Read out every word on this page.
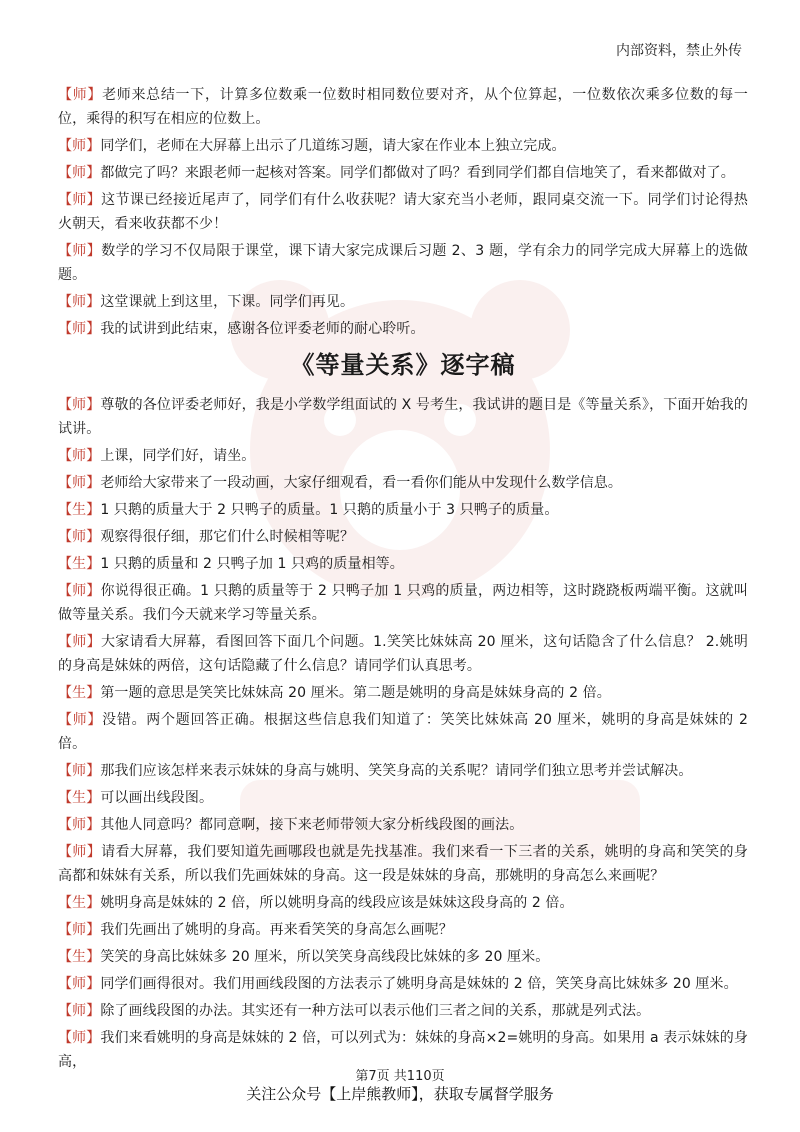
内部资料，禁止外传

【师】老师来总结一下，计算多位数乘一位数时相同数位要对齐，从个位算起，一位数依次乘多位数的每一位，乘得的积写在相应的位数上。

【师】同学们，老师在大屏幕上出示了几道练习题，请大家在作业本上独立完成。

【师】都做完了吗？来跟老师一起核对答案。同学们都做对了吗？看到同学们都自信地笑了，看来都做对了。

【师】这节课已经接近尾声了，同学们有什么收获呢？请大家充当小老师，跟同桌交流一下。同学们讨论得热火朝天，看来收获都不少！

【师】数学的学习不仅局限于课堂，课下请大家完成课后习题 2、3 题，学有余力的同学完成大屏幕上的选做题。

【师】这堂课就上到这里，下课。同学们再见。

【师】我的试讲到此结束，感谢各位评委老师的耐心聆听。

《等量关系》逐字稿

【师】尊敬的各位评委老师好，我是小学数学组面试的 X 号考生，我试讲的题目是《等量关系》，下面开始我的试讲。

【师】上课，同学们好，请坐。

【师】老师给大家带来了一段动画，大家仔细观看，看一看你们能从中发现什么数学信息。

【生】1 只鹅的质量大于 2 只鸭子的质量。1 只鹅的质量小于 3 只鸭子的质量。

【师】观察得很仔细，那它们什么时候相等呢？

【生】1 只鹅的质量和 2 只鸭子加 1 只鸡的质量相等。

【师】你说得很正确。1 只鹅的质量等于 2 只鸭子加 1 只鸡的质量，两边相等，这时跷跷板两端平衡。这就叫做等量关系。我们今天就来学习等量关系。

【师】大家请看大屏幕，看图回答下面几个问题。1.笑笑比妹妹高 20 厘米，这句话隐含了什么信息？ 2.姚明的身高是妹妹的两倍，这句话隐藏了什么信息？请同学们认真思考。

【生】第一题的意思是笑笑比妹妹高 20 厘米。第二题是姚明的身高是妹妹身高的 2 倍。

【师】没错。两个题回答正确。根据这些信息我们知道了：笑笑比妹妹高 20 厘米，姚明的身高是妹妹的 2 倍。

【师】那我们应该怎样来表示妹妹的身高与姚明、笑笑身高的关系呢？请同学们独立思考并尝试解决。

【生】可以画出线段图。

【师】其他人同意吗？都同意啊，接下来老师带领大家分析线段图的画法。

【师】请看大屏幕，我们要知道先画哪段也就是先找基准。我们来看一下三者的关系，姚明的身高和笑笑的身高都和妹妹有关系，所以我们先画妹妹的身高。这一段是妹妹的身高，那姚明的身高怎么来画呢？

【生】姚明身高是妹妹的 2 倍，所以姚明身高的线段应该是妹妹这段身高的 2 倍。

【师】我们先画出了姚明的身高。再来看笑笑的身高怎么画呢？

【生】笑笑的身高比妹妹多 20 厘米，所以笑笑身高线段比妹妹的多 20 厘米。

【师】同学们画得很对。我们用画线段图的方法表示了姚明身高是妹妹的 2 倍，笑笑身高比妹妹多 20 厘米。

【师】除了画线段图的办法。其实还有一种方法可以表示他们三者之间的关系，那就是列式法。

【师】我们来看姚明的身高是妹妹的 2 倍，可以列式为：妹妹的身高×2=姚明的身高。如果用 a 表示妹妹的身高，

第7页 共110页
关注公众号【上岸熊教师】，获取专属督学服务
